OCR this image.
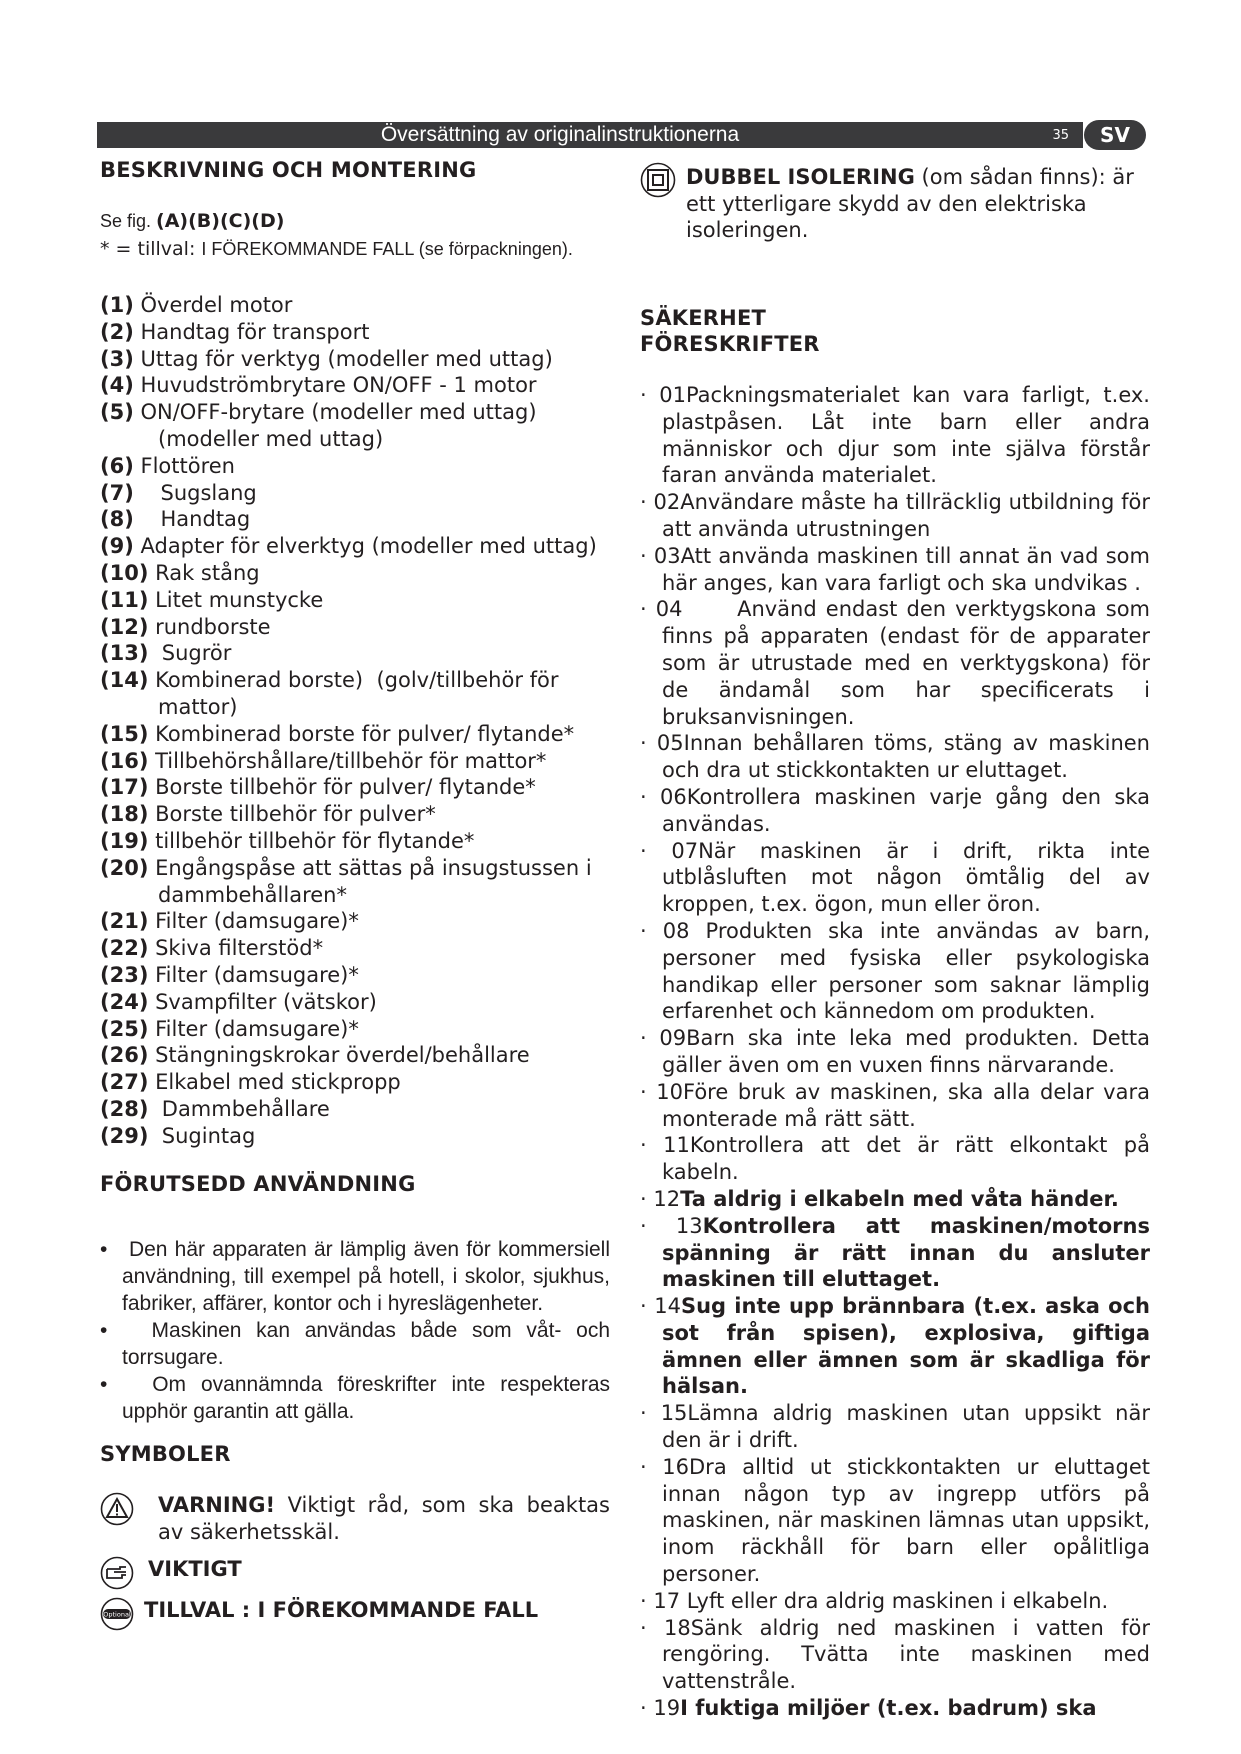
Översättning av originalinstruktionerna	35	SV
BESKRIVNING OCH MONTERING
Se fig. (A)(B)(C)(D)
* = tillval: I FÖREKOMMANDE FALL (se förpackningen).
(1) Överdel motor
(2) Handtag för transport
(3) Uttag för verktyg (modeller med uttag)
(4) Huvudströmbrytare ON/OFF - 1 motor
(5) ON/OFF-brytare (modeller med uttag) (modeller med uttag)
(6) Flottören
(7)    Sugslang
(8)    Handtag
(9) Adapter för elverktyg (modeller med uttag)
(10) Rak stång
(11) Litet munstycke
(12) rundborste
(13)  Sugrör
(14) Kombinerad borste)  (golv/tillbehör för mattor)
(15) Kombinerad borste för pulver/ flytande*
(16) Tillbehörshållare/tillbehör för mattor*
(17) Borste tillbehör för pulver/ flytande*
(18) Borste tillbehör för pulver*
(19) tillbehör tillbehör för flytande*
(20) Engångspåse att sättas på insugstussen i dammbehållaren*
(21) Filter (damsugare)*
(22) Skiva filterstöd*
(23) Filter (damsugare)*
(24) Svampfilter (vätskor)
(25) Filter (damsugare)*
(26) Stängningskrokar överdel/behållare
(27) Elkabel med stickpropp
(28)  Dammbehållare
(29)  Sugintag
FÖRUTSEDD ANVÄNDNING
•   Den här apparaten är lämplig även för kommersiell användning, till exempel på hotell, i skolor, sjukhus, fabriker, affärer, kontor och i hyreslägenheter.
•   Maskinen kan användas både som våt- och torrsugare.
•   Om ovannämnda föreskrifter inte respekteras upphör garantin att gälla.
SYMBOLER
VARNING! Viktigt råd, som ska beaktas av säkerhetsskäl.
VIKTIGT
Optional TILLVAL : I FÖREKOMMANDE FALL
DUBBEL ISOLERING (om sådan finns): är ett ytterligare skydd av den elektriska isoleringen.
SÄKERHET
FÖRESKRIFTER
· 01Packningsmaterialet kan vara farligt, t.ex. plastpåsen. Låt inte barn eller andra människor och djur som inte själva förstår faran använda materialet.
· 02Användare måste ha tillräcklig utbildning för att använda utrustningen
· 03Att använda maskinen till annat än vad som här anges, kan vara farligt och ska undvikas .
· 04      Använd endast den verktygskona som finns på apparaten (endast för de apparater som är utrustade med en verktygskona) för de ändamål som har specificerats i bruksanvisningen.
· 05Innan behållaren töms, stäng av maskinen och dra ut stickkontakten ur eluttaget.
· 06Kontrollera maskinen varje gång den ska användas.
· 07När maskinen är i drift, rikta inte utblåsluften mot någon ömtålig del av kroppen, t.ex. ögon, mun eller öron.
· 08 Produkten ska inte användas av barn, personer med fysiska eller psykologiska handikap eller personer som saknar lämplig erfarenhet och kännedom om produkten.
· 09Barn ska inte leka med produkten. Detta gäller även om en vuxen finns närvarande.
· 10Före bruk av maskinen, ska alla delar vara monterade må rätt sätt.
· 11Kontrollera att det är rätt elkontakt på kabeln.
· 12Ta aldrig i elkabeln med våta händer.
· 13Kontrollera att maskinen/motorns spänning är rätt innan du ansluter maskinen till eluttaget.
· 14Sug inte upp brännbara (t.ex. aska och sot från spisen), explosiva, giftiga ämnen eller ämnen som är skadliga för hälsan.
· 15Lämna aldrig maskinen utan uppsikt när den är i drift.
· 16Dra alltid ut stickkontakten ur eluttaget innan någon typ av ingrepp utförs på maskinen, när maskinen lämnas utan uppsikt, inom räckhåll för barn eller opålitliga personer.
· 17 Lyft eller dra aldrig maskinen i elkabeln.
· 18Sänk aldrig ned maskinen i vatten för rengöring. Tvätta inte maskinen med vattenstråle.
· 19I fuktiga miljöer (t.ex. badrum) ska
